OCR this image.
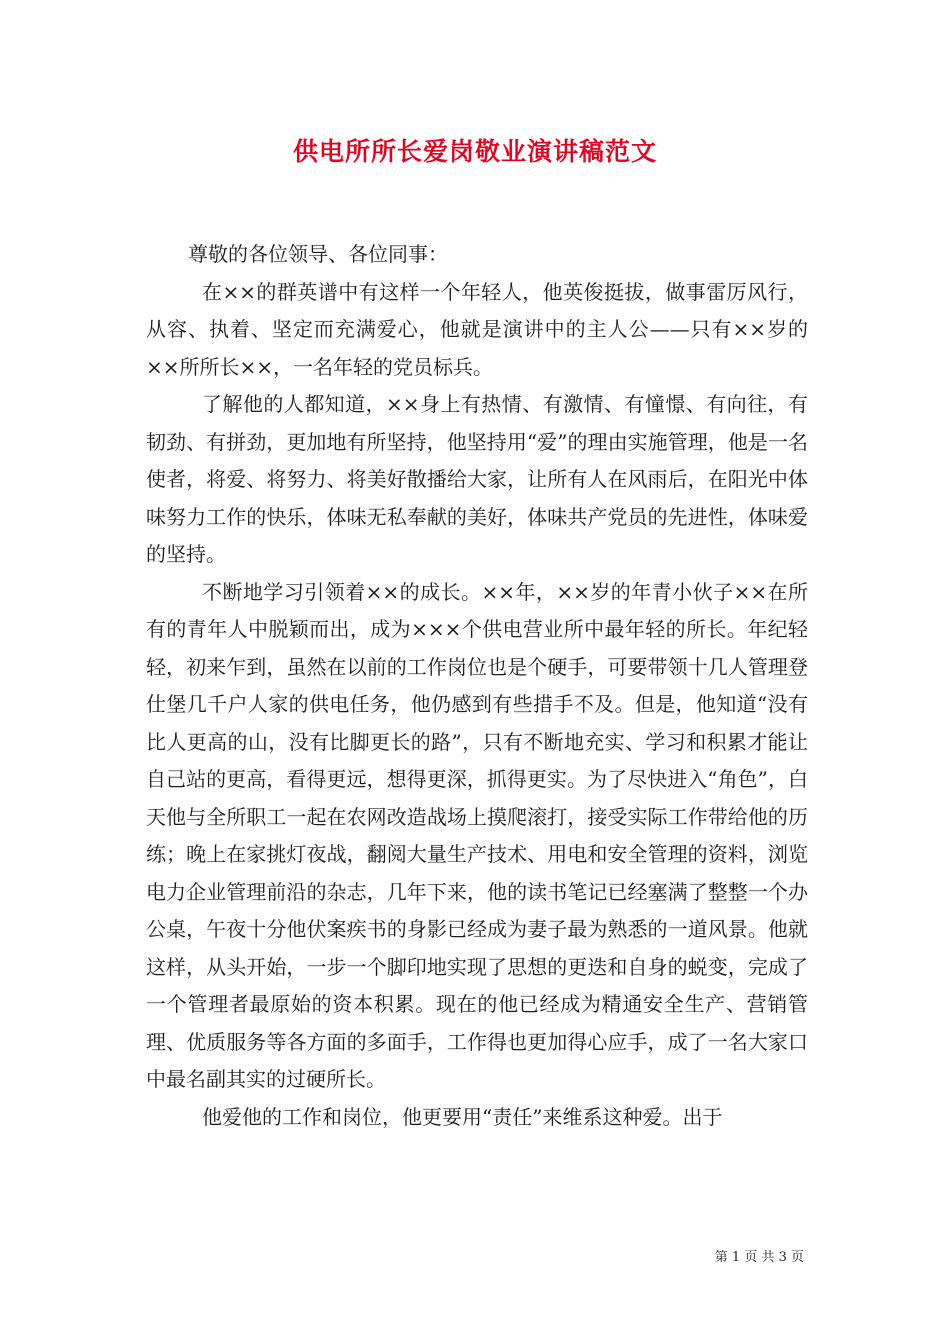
供电所所长爱岗敬业演讲稿范文

尊敬的各位领导、各位同事：

在××的群英谱中有这样一个年轻人，他英俊挺拔，做事雷厉风行，从容、执着、坚定而充满爱心，他就是演讲中的主人公——只有××岁的××所所长××，一名年轻的党员标兵。

了解他的人都知道，××身上有热情、有激情、有憧憬、有向往，有韧劲、有拼劲，更加地有所坚持，他坚持用“爱”的理由实施管理，他是一名使者，将爱、将努力、将美好散播给大家，让所有人在风雨后，在阳光中体味努力工作的快乐，体味无私奉献的美好，体味共产党员的先进性，体味爱的坚持。

不断地学习引领着××的成长。××年，××岁的年青小伙子××在所有的青年人中脱颖而出，成为×××个供电营业所中最年轻的所长。年纪轻轻，初来乍到，虽然在以前的工作岗位也是个硬手，可要带领十几人管理登仕堡几千户人家的供电任务，他仍感到有些措手不及。但是，他知道“没有比人更高的山，没有比脚更长的路”，只有不断地充实、学习和积累才能让自己站的更高，看得更远，想得更深，抓得更实。为了尽快进入“角色”，白天他与全所职工一起在农网改造战场上摸爬滚打，接受实际工作带给他的历练；晚上在家挑灯夜战，翻阅大量生产技术、用电和安全管理的资料，浏览电力企业管理前沿的杂志，几年下来，他的读书笔记已经塞满了整整一个办公桌，午夜十分他伏案疾书的身影已经成为妻子最为熟悉的一道风景。他就这样，从头开始，一步一个脚印地实现了思想的更迭和自身的蜕变，完成了一个管理者最原始的资本积累。现在的他已经成为精通安全生产、营销管理、优质服务等各方面的多面手，工作得也更加得心应手，成了一名大家口中最名副其实的过硬所长。

他爱他的工作和岗位，他更要用“责任”来维系这种爱。出于

第 1 页 共 3 页
